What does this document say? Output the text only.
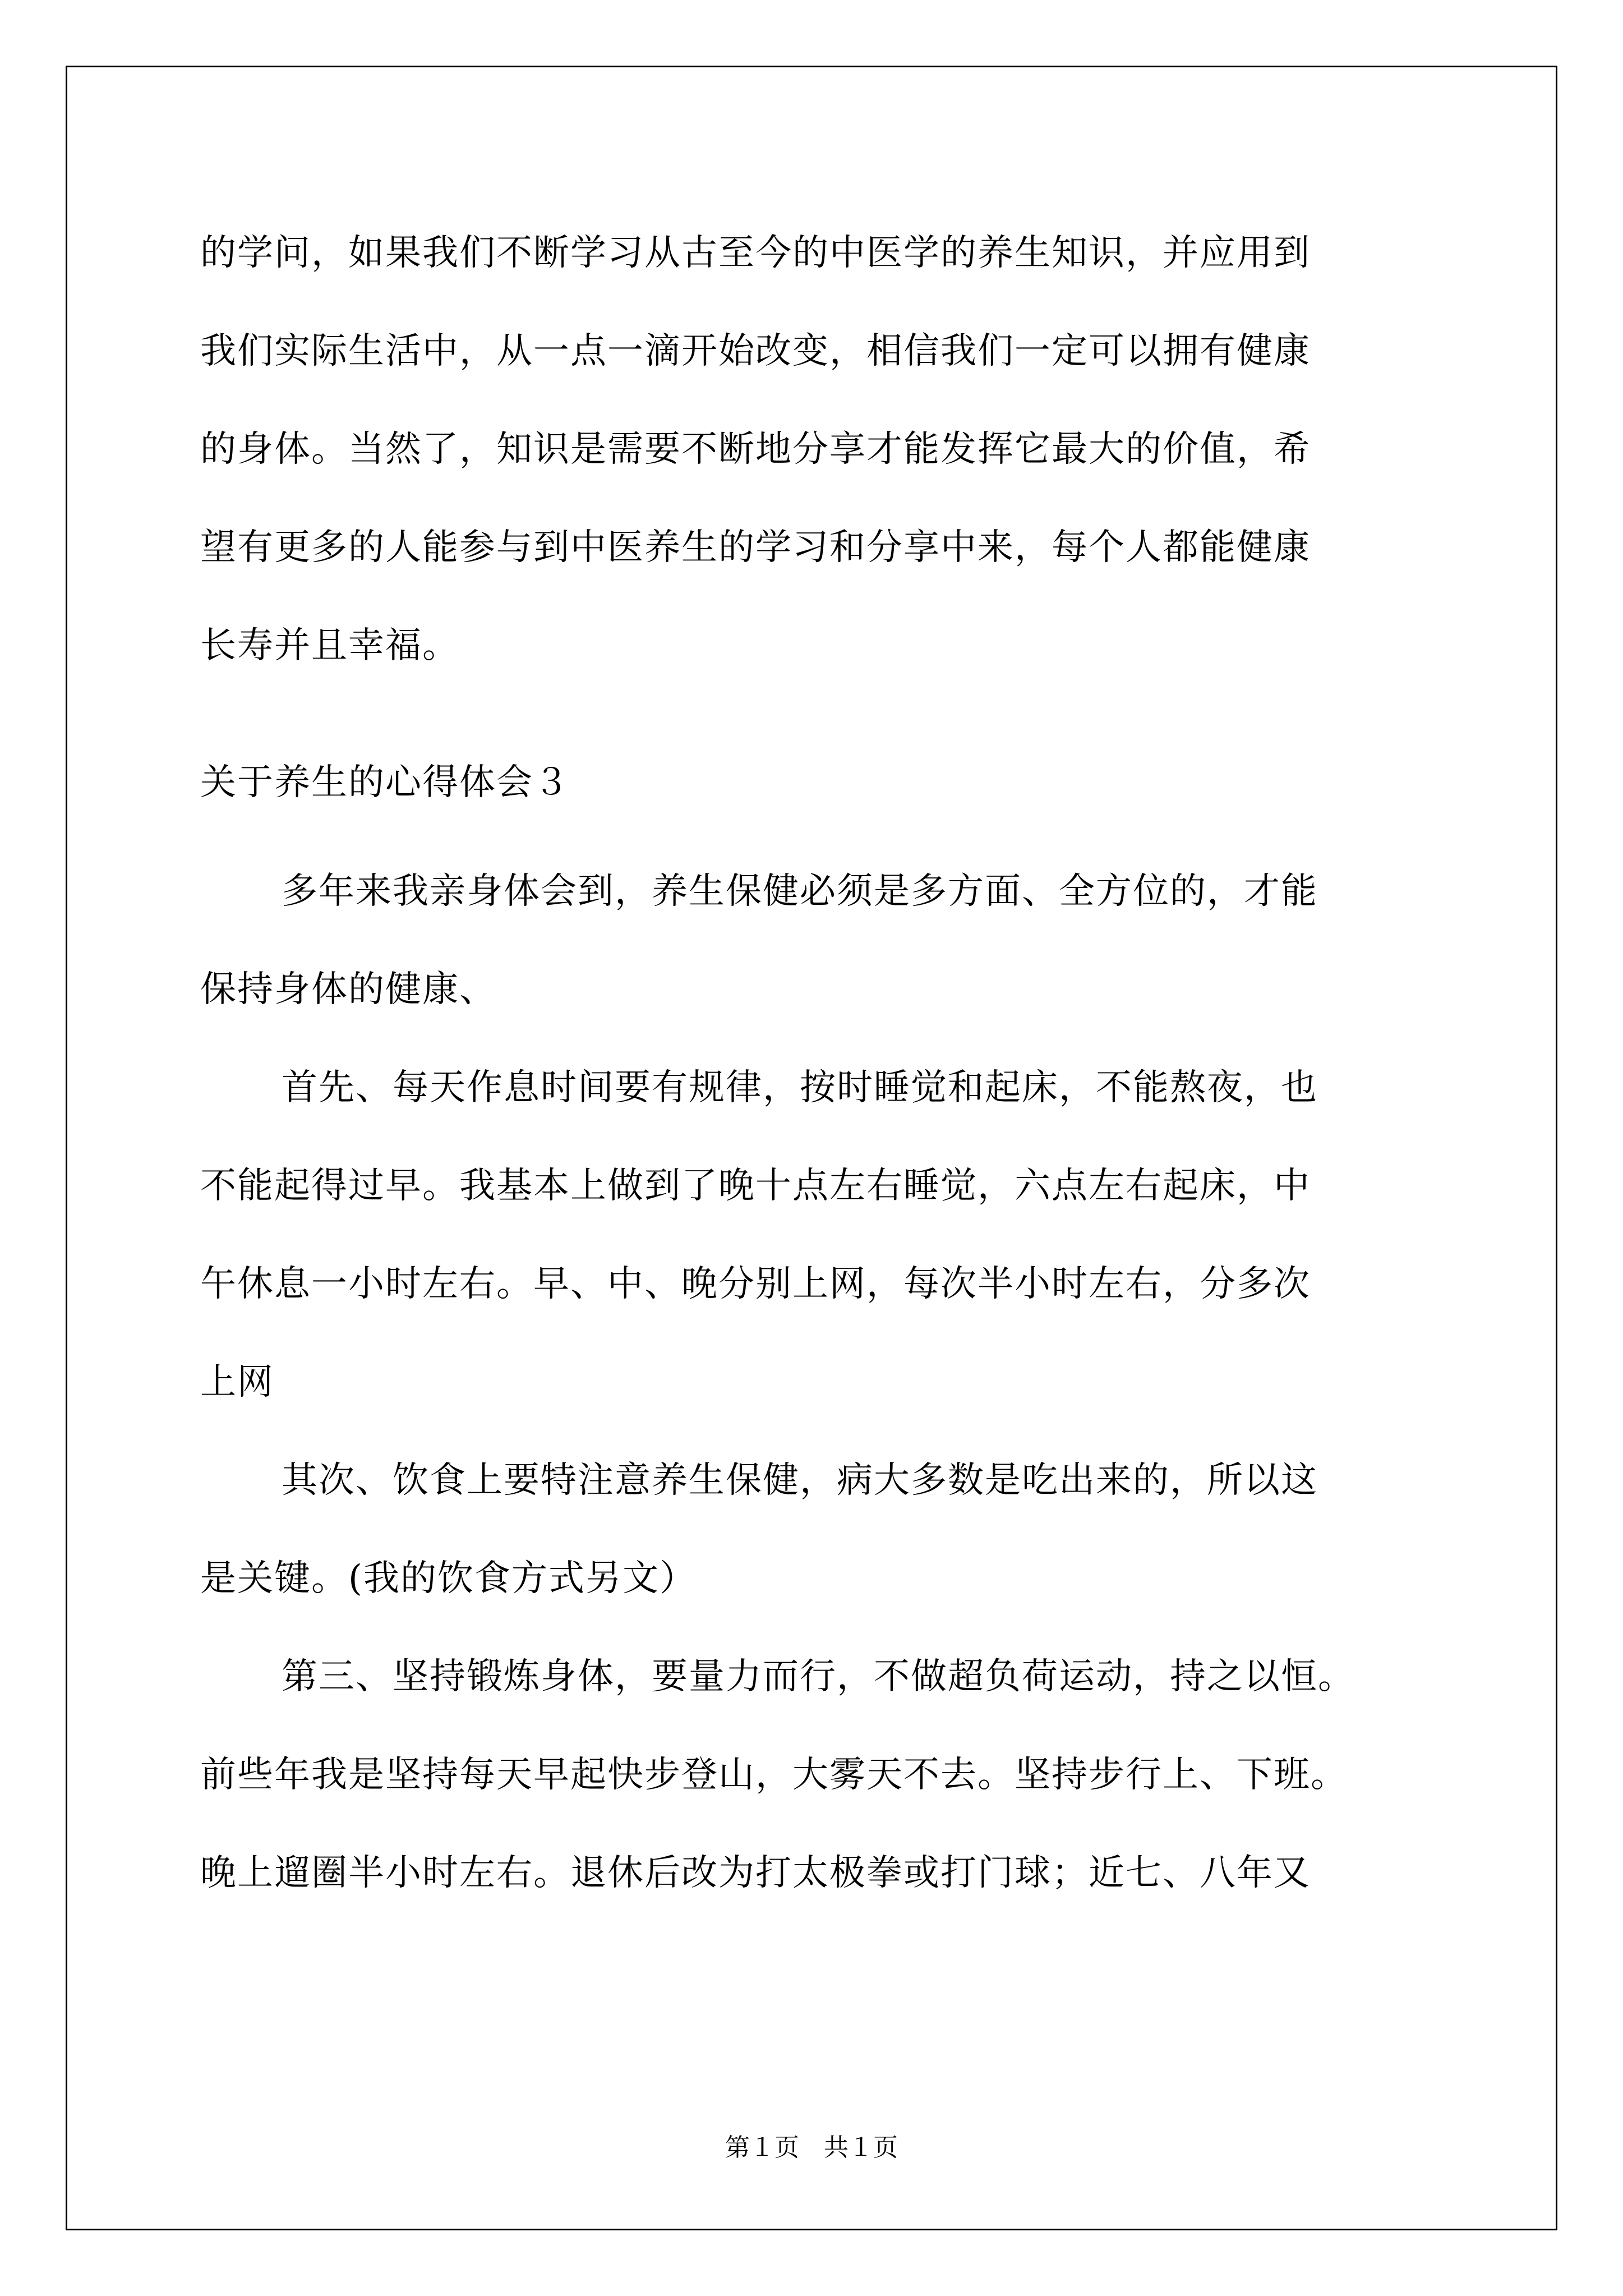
的学问，如果我们不断学习从古至今的中医学的养生知识，并应用到
我们实际生活中，从一点一滴开始改变，相信我们一定可以拥有健康
的身体。当然了，知识是需要不断地分享才能发挥它最大的价值，希
望有更多的人能参与到中医养生的学习和分享中来，每个人都能健康
长寿并且幸福。
关于养生的心得体会３
多年来我亲身体会到，养生保健必须是多方面、全方位的，才能
保持身体的健康、
首先、每天作息时间要有规律，按时睡觉和起床，不能熬夜，也
不能起得过早。我基本上做到了晚十点左右睡觉，六点左右起床，中
午休息一小时左右。早、中、晚分别上网，每次半小时左右，分多次
上网
其次、饮食上要特注意养生保健，病大多数是吃出来的，所以这
是关键。(我的饮食方式另文）
第三、坚持锻炼身体，要量力而行，不做超负荷运动，持之以恒。
前些年我是坚持每天早起快步登山，大雾天不去。坚持步行上、下班。
晚上遛圈半小时左右。退休后改为打太极拳或打门球；近七、八年又
第１页　共１页
